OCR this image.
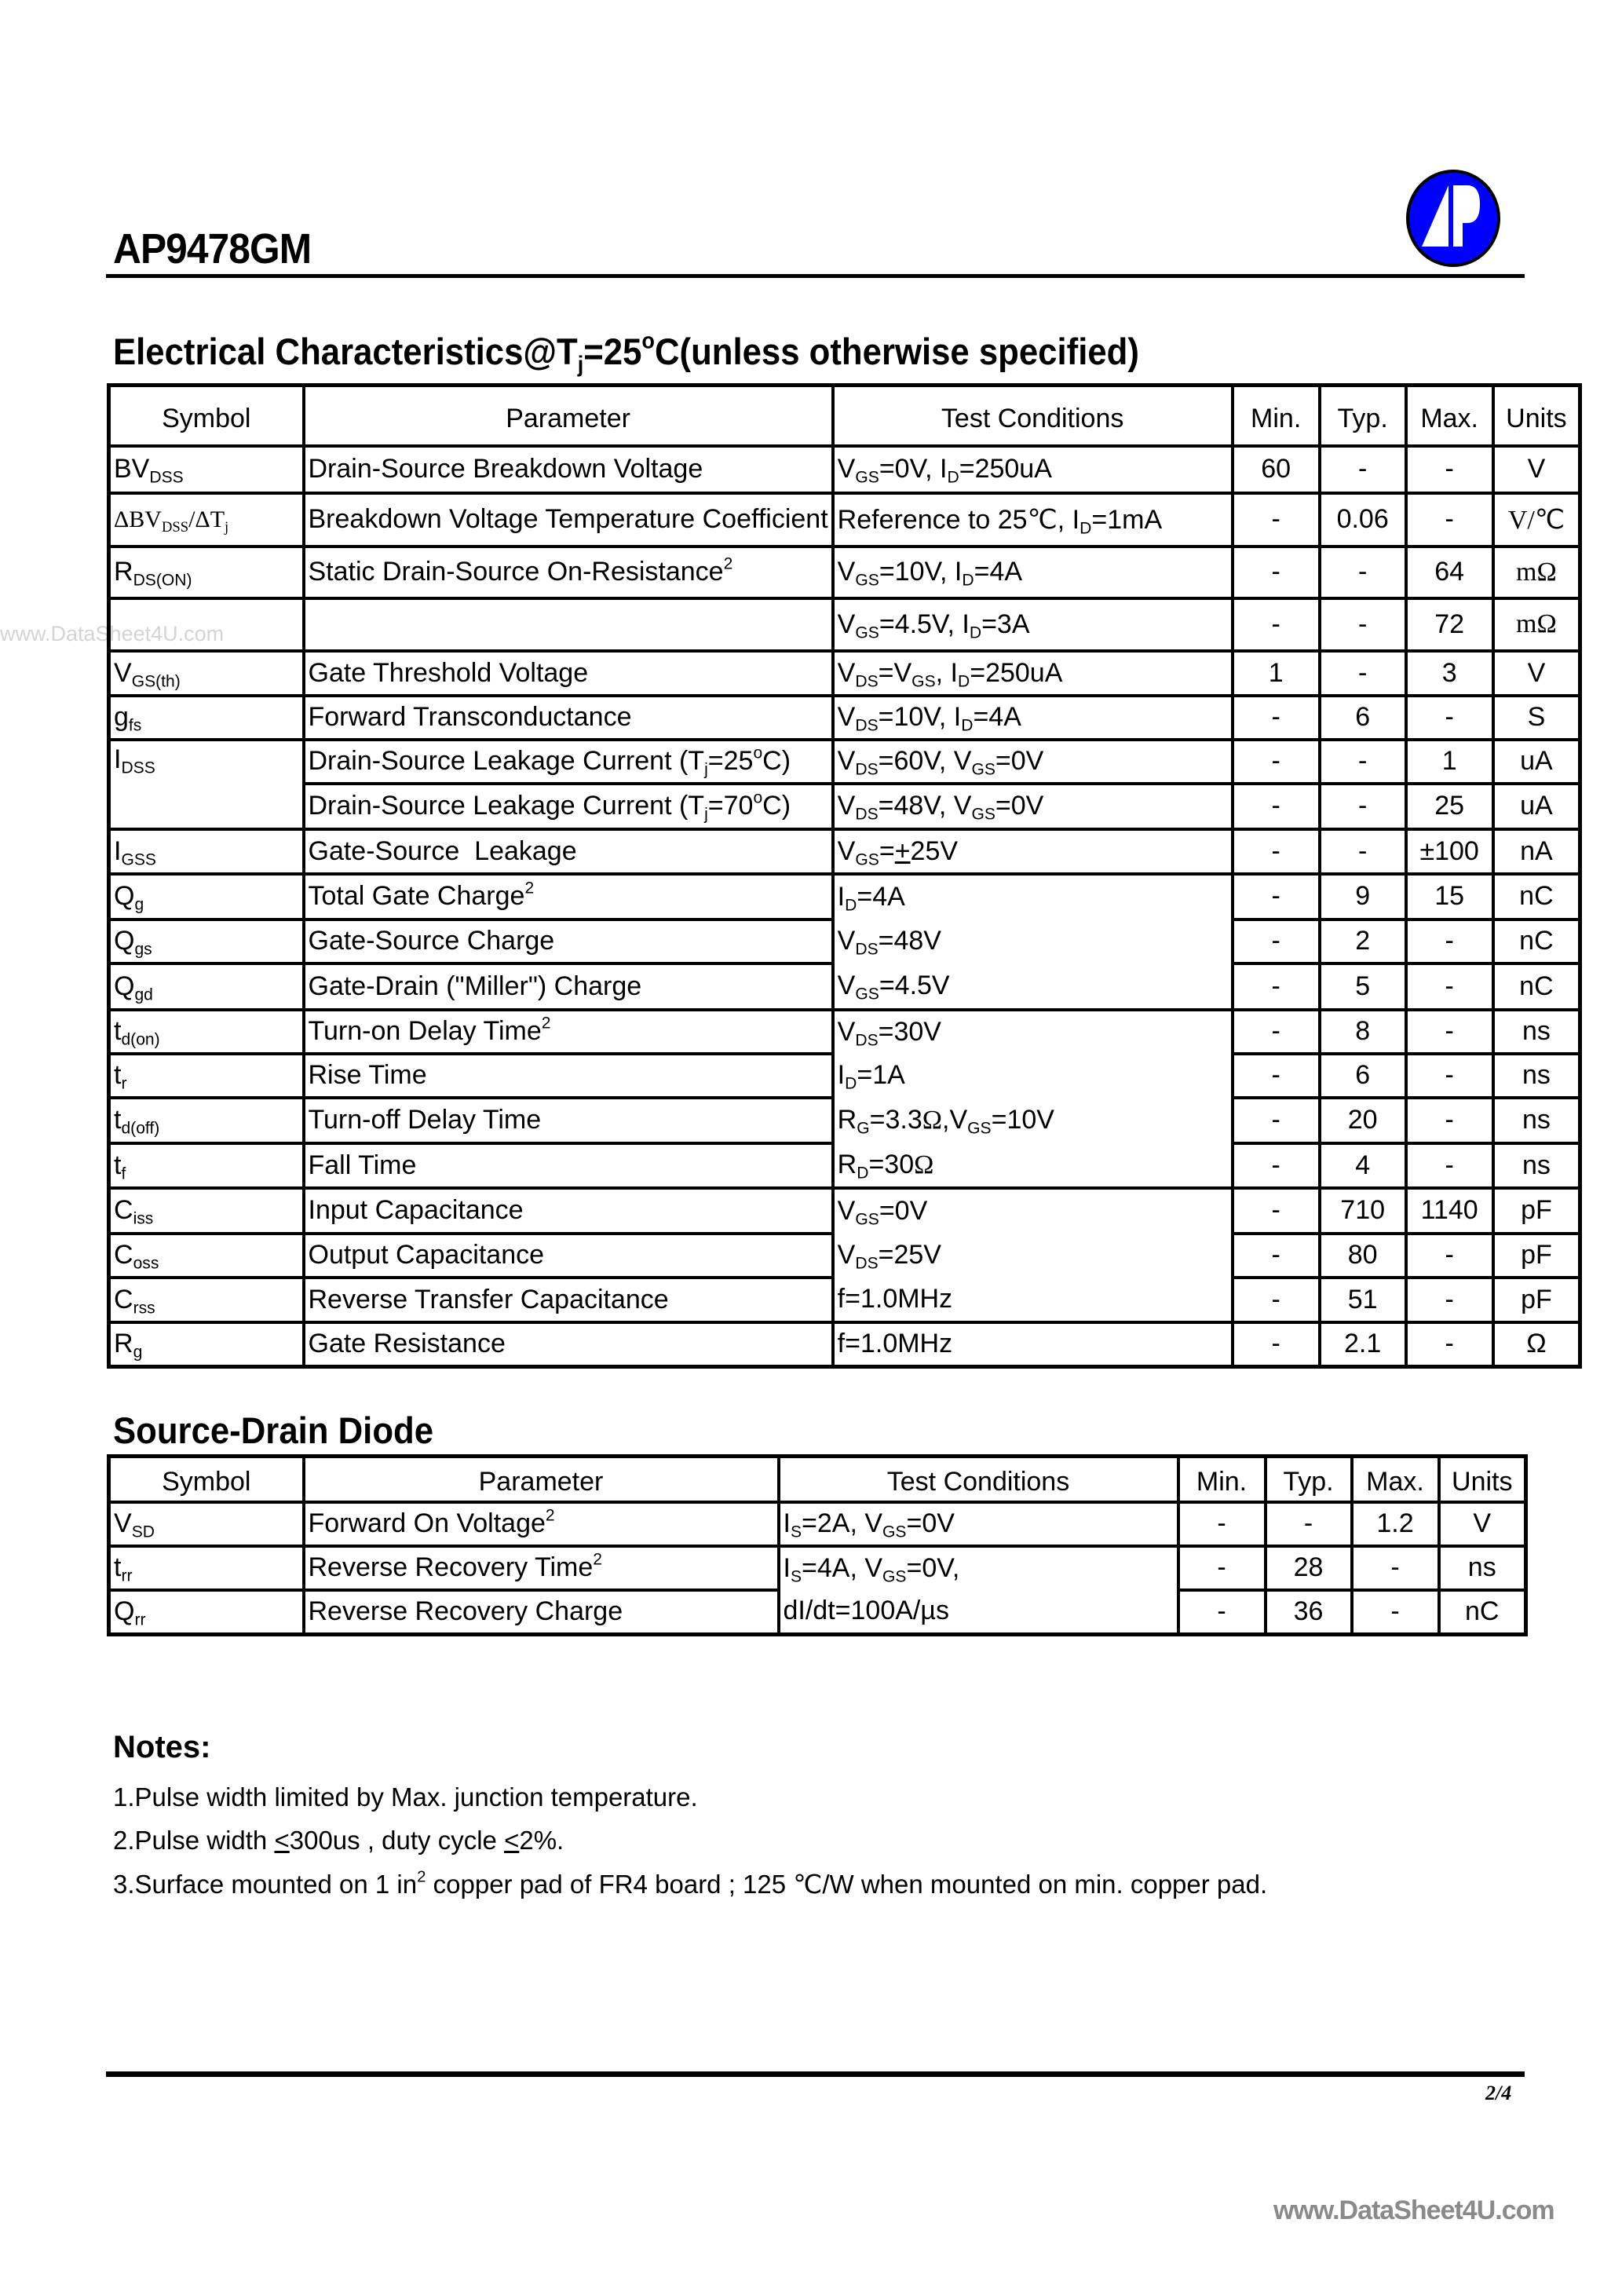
www.DataSheet4U.com
AP9478GM
Electrical $Characteristics@T_j=25^oC(unless$ otherwise specified)
Symbol	Parameter	Test Conditions	Min.	Typ.	Max.	Units
$BV_{DSS}$	Drain-Source Breakdown Voltage	$V_{GS}=0V$, $I_D=250uA$	60	-	-	V
$\Delta BV_{DSS}/\Delta T_j$	Breakdown Voltage Temperature Coefficient	Reference to 25℃, $I_D=1mA$	-	0.06	-	V/℃
$R_{DS(ON)}$	Static Drain-Source On-Resistance$^2$	$V_{GS}=10V$, $I_D=4A$	-	-	64	mΩ
		$V_{GS}=4.5V$, $I_D=3A$	-	-	72	mΩ
$V_{GS(th)}$	Gate Threshold Voltage	$V_{DS}=V_{GS}$, $I_D=250uA$	1	-	3	V
$g_{fs}$	Forward Transconductance	$V_{DS}=10V$, $I_D=4A$	-	6	-	S
$I_{DSS}$	Drain-Source Leakage Current $(T_j=25^oC)$	$V_{DS}=60V$, $V_{GS}=0V$	-	-	1	uA
	Drain-Source Leakage Current $(T_j=70^oC)$	$V_{DS}=48V$, $V_{GS}=0V$	-	-	25	uA
$I_{GSS}$	Gate-Source  Leakage	$V_{GS}=+25V$	-	-	±100	nA
$Q_g$	Total Gate Charge$^2$	$I_D=4A$	-	9	15	nC
$Q_{gs}$	Gate-Source Charge	$V_{DS}=48V$	-	2	-	nC
$Q_{gd}$	Gate-Drain ("Miller") Charge	$V_{GS}=4.5V$	-	5	-	nC
$t_{d(on)}$	Turn-on Delay Time$^2$	$V_{DS}=30V$	-	8	-	ns
$t_r$	Rise Time	$I_D=1A$	-	6	-	ns
$t_{d(off)}$	Turn-off Delay Time	$R_G=3.3\Omega,V_{GS}=10V$	-	20	-	ns
$t_f$	Fall Time	$R_D=30\Omega$	-	4	-	ns
$C_{iss}$	Input Capacitance	$V_{GS}=0V$	-	710	1140	pF
$C_{oss}$	Output Capacitance	$V_{DS}=25V$	-	80	-	pF
$C_{rss}$	Reverse Transfer Capacitance	f=1.0MHz	-	51	-	pF
$R_g$	Gate Resistance	f=1.0MHz	-	2.1	-	Ω
Source-Drain Diode
Symbol	Parameter	Test Conditions	Min.	Typ.	Max.	Units
$V_{SD}$	Forward On Voltage$^2$	$I_S=2A$, $V_{GS}=0V$	-	-	1.2	V
$t_{rr}$	Reverse Recovery Time$^2$	$I_S=4A$, $V_{GS}=0V$,	-	28	-	ns
$Q_{rr}$	Reverse Recovery Charge	dI/dt=100A/µs	-	36	-	nC
Notes:
1.Pulse width limited by Max. junction temperature.
2.Pulse width <300us , duty cycle <2%.
3.Surface mounted on 1 $in^2$ copper pad of FR4 board ; 125 ℃/W when mounted on min. copper pad.
2/4
www.DataSheet4U.com
